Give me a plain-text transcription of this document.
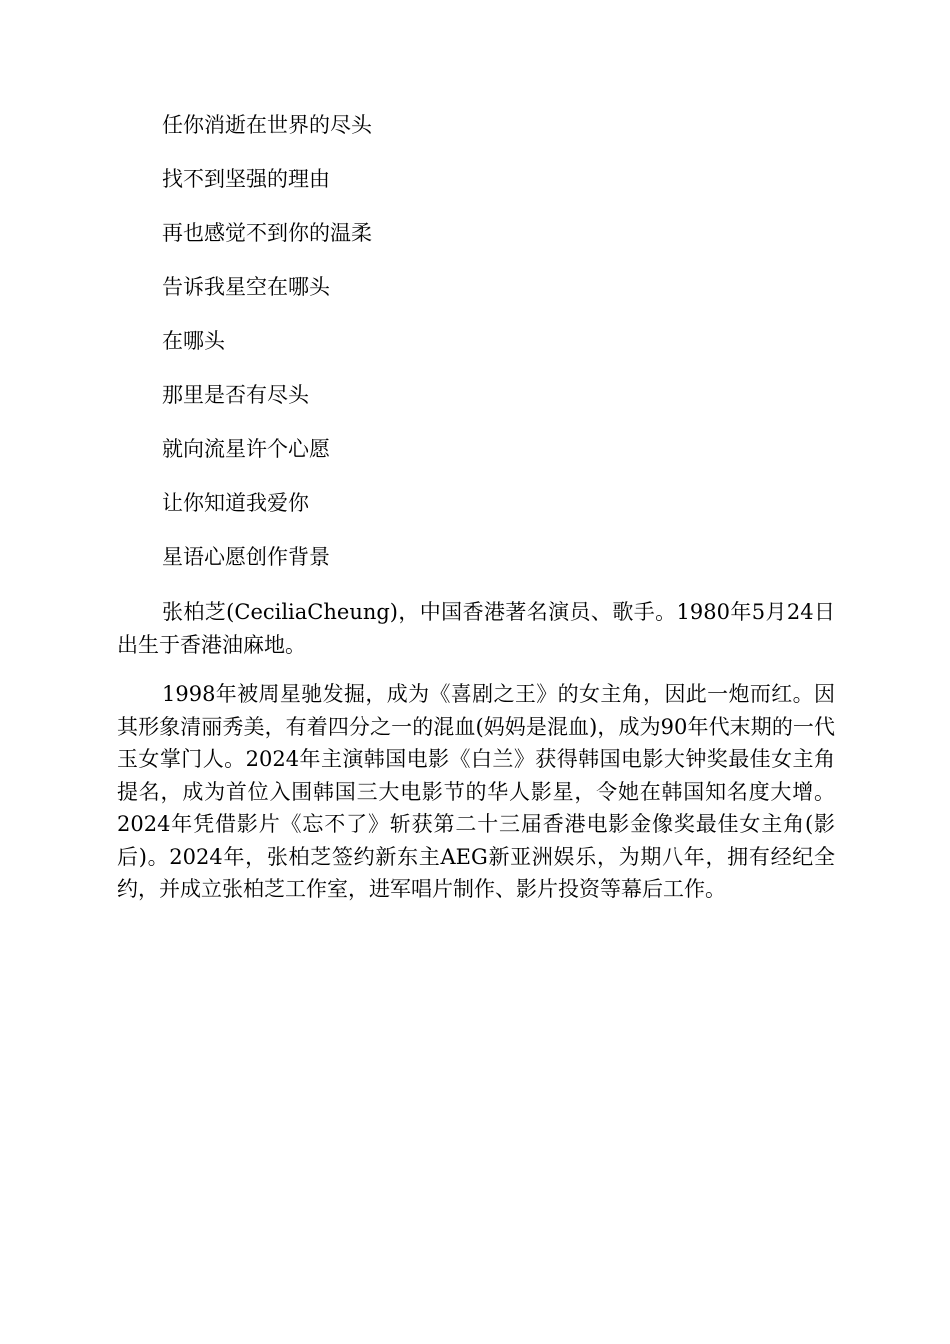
任你消逝在世界的尽头
找不到坚强的理由
再也感觉不到你的温柔
告诉我星空在哪头
在哪头
那里是否有尽头
就向流星许个心愿
让你知道我爱你
星语心愿创作背景

张柏芝(CeciliaCheung)，中国香港著名演员、歌手。1980年5月24日出生于香港油麻地。

1998年被周星驰发掘，成为《喜剧之王》的女主角，因此一炮而红。因其形象清丽秀美，有着四分之一的混血(妈妈是混血)，成为90年代末期的一代玉女掌门人。2024年主演韩国电影《白兰》获得韩国电影大钟奖最佳女主角提名，成为首位入围韩国三大电影节的华人影星，令她在韩国知名度大增。2024年凭借影片《忘不了》斩获第二十三届香港电影金像奖最佳女主角(影后)。2024年，张柏芝签约新东主AEG新亚洲娱乐，为期八年，拥有经纪全约，并成立张柏芝工作室，进军唱片制作、影片投资等幕后工作。
